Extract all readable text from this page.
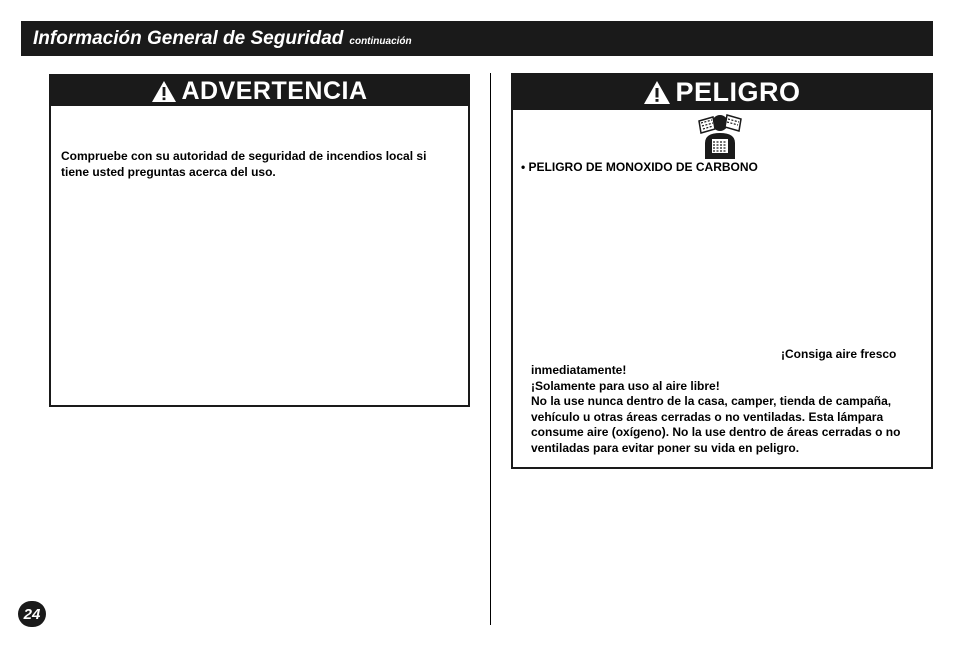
Información General de Seguridad continuación
ADVERTENCIA
Compruebe con su autoridad de seguridad de incendios local si tiene usted preguntas acerca del uso.
PELIGRO
• PELIGRO DE MONOXIDO DE CARBONO
¡Consiga aire fresco
inmediatamente!
¡Solamente para uso al aire libre!
No la use nunca dentro de la casa, camper, tienda de campaña, vehículo u otras áreas cerradas o no ventiladas. Esta lámpara consume aire (oxígeno). No la use dentro de áreas cerradas o no ventiladas para evitar poner su vida en peligro.
24
